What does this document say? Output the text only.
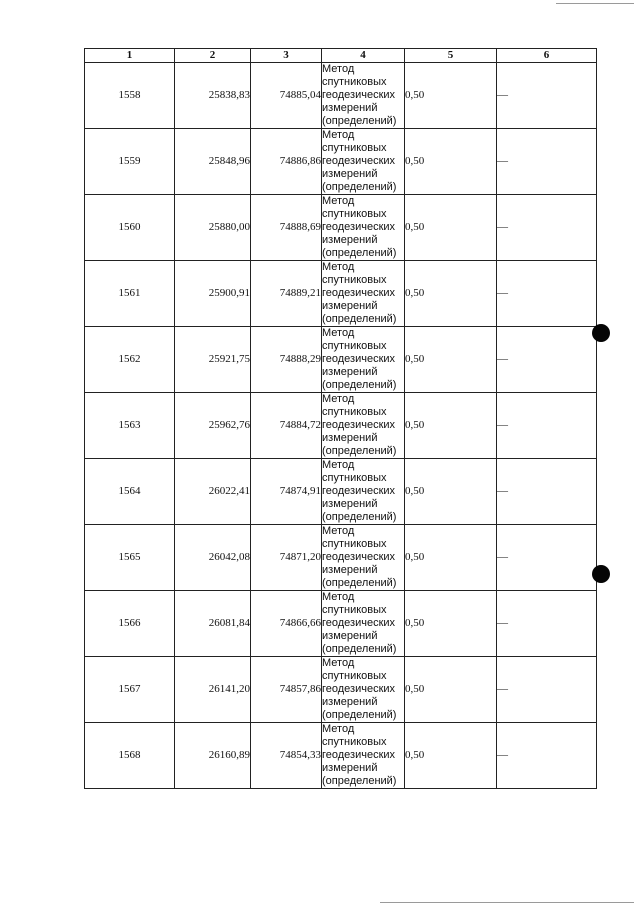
1	2	3	4	5	6
1558	25838,83	74885,04	Метод спутниковых геодезических измерений (определений)	0,50	—
1559	25848,96	74886,86	Метод спутниковых геодезических измерений (определений)	0,50	—
1560	25880,00	74888,69	Метод спутниковых геодезических измерений (определений)	0,50	—
1561	25900,91	74889,21	Метод спутниковых геодезических измерений (определений)	0,50	—
1562	25921,75	74888,29	Метод спутниковых геодезических измерений (определений)	0,50	—
1563	25962,76	74884,72	Метод спутниковых геодезических измерений (определений)	0,50	—
1564	26022,41	74874,91	Метод спутниковых геодезических измерений (определений)	0,50	—
1565	26042,08	74871,20	Метод спутниковых геодезических измерений (определений)	0,50	—
1566	26081,84	74866,66	Метод спутниковых геодезических измерений (определений)	0,50	—
1567	26141,20	74857,86	Метод спутниковых геодезических измерений (определений)	0,50	—
1568	26160,89	74854,33	Метод спутниковых геодезических измерений (определений)	0,50	—
